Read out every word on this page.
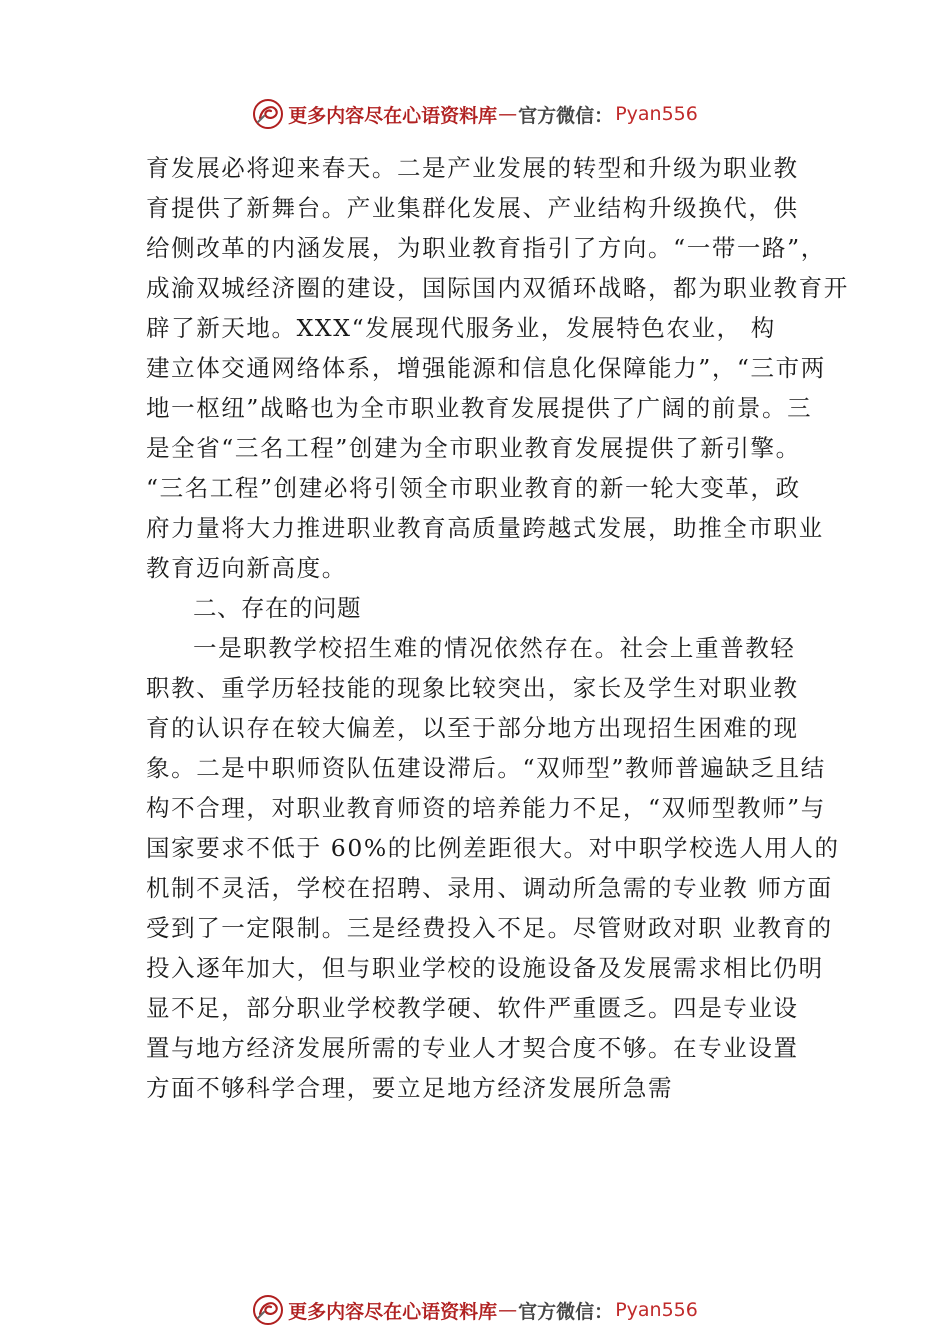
更多内容尽在心语资料库 — 官方微信： Pyan556
育发展必将迎来春天。二是产业发展的转型和升级为职业教
育提供了新舞台。产业集群化发展、产业结构升级换代，供
给侧改革的内涵发展，为职业教育指引了方向。“一带一路”，
成渝双城经济圈的建设，国际国内双循环战略，都为职业教育开
辟了新天地。XXX“发展现代服务业，发展特色农业， 构
建立体交通网络体系，增强能源和信息化保障能力”，“三市两
地一枢纽”战略也为全市职业教育发展提供了广阔的前景。三
是全省“三名工程”创建为全市职业教育发展提供了新引擎。
“三名工程”创建必将引领全市职业教育的新一轮大变革，政
府力量将大力推进职业教育高质量跨越式发展，助推全市职业
教育迈向新高度。
二、存在的问题
一是职教学校招生难的情况依然存在。社会上重普教轻
职教、重学历轻技能的现象比较突出，家长及学生对职业教
育的认识存在较大偏差，以至于部分地方出现招生困难的现
象。二是中职师资队伍建设滞后。“双师型”教师普遍缺乏且结
构不合理，对职业教育师资的培养能力不足，“双师型教师”与
国家要求不低于 60%的比例差距很大。对中职学校选人用人的
机制不灵活，学校在招聘、录用、调动所急需的专业教 师方面
受到了一定限制。三是经费投入不足。尽管财政对职 业教育的
投入逐年加大，但与职业学校的设施设备及发展需求相比仍明
显不足，部分职业学校教学硬、软件严重匮乏。四是专业设
置与地方经济发展所需的专业人才契合度不够。在专业设置
方面不够科学合理，要立足地方经济发展所急需
更多内容尽在心语资料库 — 官方微信： Pyan556
